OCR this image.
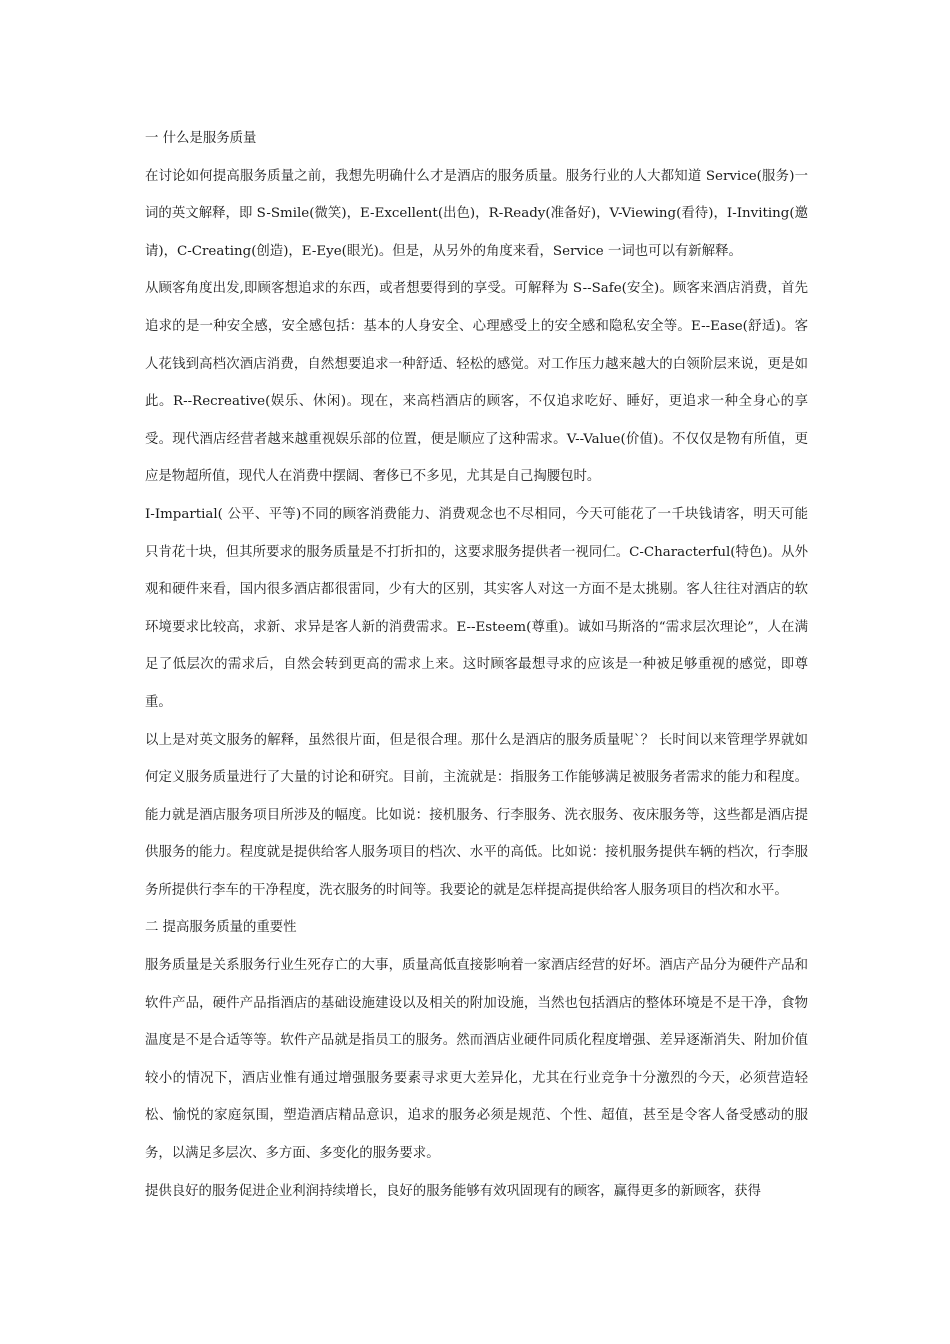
一 什么是服务质量

在讨论如何提高服务质量之前，我想先明确什么才是酒店的服务质量。服务行业的人大都知道 Service(服务)一词的英文解释，即 S-Smile(微笑)，E-Excellent(出色)，R-Ready(准备好)，V-Viewing(看待)，I-Inviting(邀请)，C-Creating(创造)，E-Eye(眼光)。但是，从另外的角度来看，Service 一词也可以有新解释。

从顾客角度出发,即顾客想追求的东西，或者想要得到的享受。可解释为 S--Safe(安全)。顾客来酒店消费，首先追求的是一种安全感，安全感包括：基本的人身安全、心理感受上的安全感和隐私安全等。E--Ease(舒适)。客人花钱到高档次酒店消费，自然想要追求一种舒适、轻松的感觉。对工作压力越来越大的白领阶层来说，更是如此。R--Recreative(娱乐、休闲)。现在，来高档酒店的顾客，不仅追求吃好、睡好，更追求一种全身心的享受。现代酒店经营者越来越重视娱乐部的位置，便是顺应了这种需求。V--Value(价值)。不仅仅是物有所值，更应是物超所值，现代人在消费中摆阔、奢侈已不多见，尤其是自己掏腰包时。

I-Impartial( 公平、平等)不同的顾客消费能力、消费观念也不尽相同，今天可能花了一千块钱请客，明天可能只肯花十块，但其所要求的服务质量是不打折扣的，这要求服务提供者一视同仁。C-Characterful(特色)。从外观和硬件来看，国内很多酒店都很雷同，少有大的区别，其实客人对这一方面不是太挑剔。客人往往对酒店的软环境要求比较高，求新、求异是客人新的消费需求。E--Esteem(尊重)。诚如马斯洛的“需求层次理论”，人在满足了低层次的需求后，自然会转到更高的需求上来。这时顾客最想寻求的应该是一种被足够重视的感觉，即尊重。

以上是对英文服务的解释，虽然很片面，但是很合理。那什么是酒店的服务质量呢`？ 长时间以来管理学界就如何定义服务质量进行了大量的讨论和研究。目前，主流就是：指服务工作能够满足被服务者需求的能力和程度。能力就是酒店服务项目所涉及的幅度。比如说：接机服务、行李服务、洗衣服务、夜床服务等，这些都是酒店提供服务的能力。程度就是提供给客人服务项目的档次、水平的高低。比如说：接机服务提供车辆的档次，行李服务所提供行李车的干净程度，洗衣服务的时间等。我要论的就是怎样提高提供给客人服务项目的档次和水平。

二 提高服务质量的重要性

服务质量是关系服务行业生死存亡的大事，质量高低直接影响着一家酒店经营的好坏。酒店产品分为硬件产品和软件产品，硬件产品指酒店的基础设施建设以及相关的附加设施，当然也包括酒店的整体环境是不是干净，食物温度是不是合适等等。软件产品就是指员工的服务。然而酒店业硬件同质化程度增强、差异逐渐消失、附加价值较小的情况下，酒店业惟有通过增强服务要素寻求更大差异化，尤其在行业竞争十分激烈的今天，必须营造轻松、愉悦的家庭氛围，塑造酒店精品意识，追求的服务必须是规范、个性、超值，甚至是令客人备受感动的服务，以满足多层次、多方面、多变化的服务要求。

提供良好的服务促进企业利润持续增长，良好的服务能够有效巩固现有的顾客，赢得更多的新顾客，获得
